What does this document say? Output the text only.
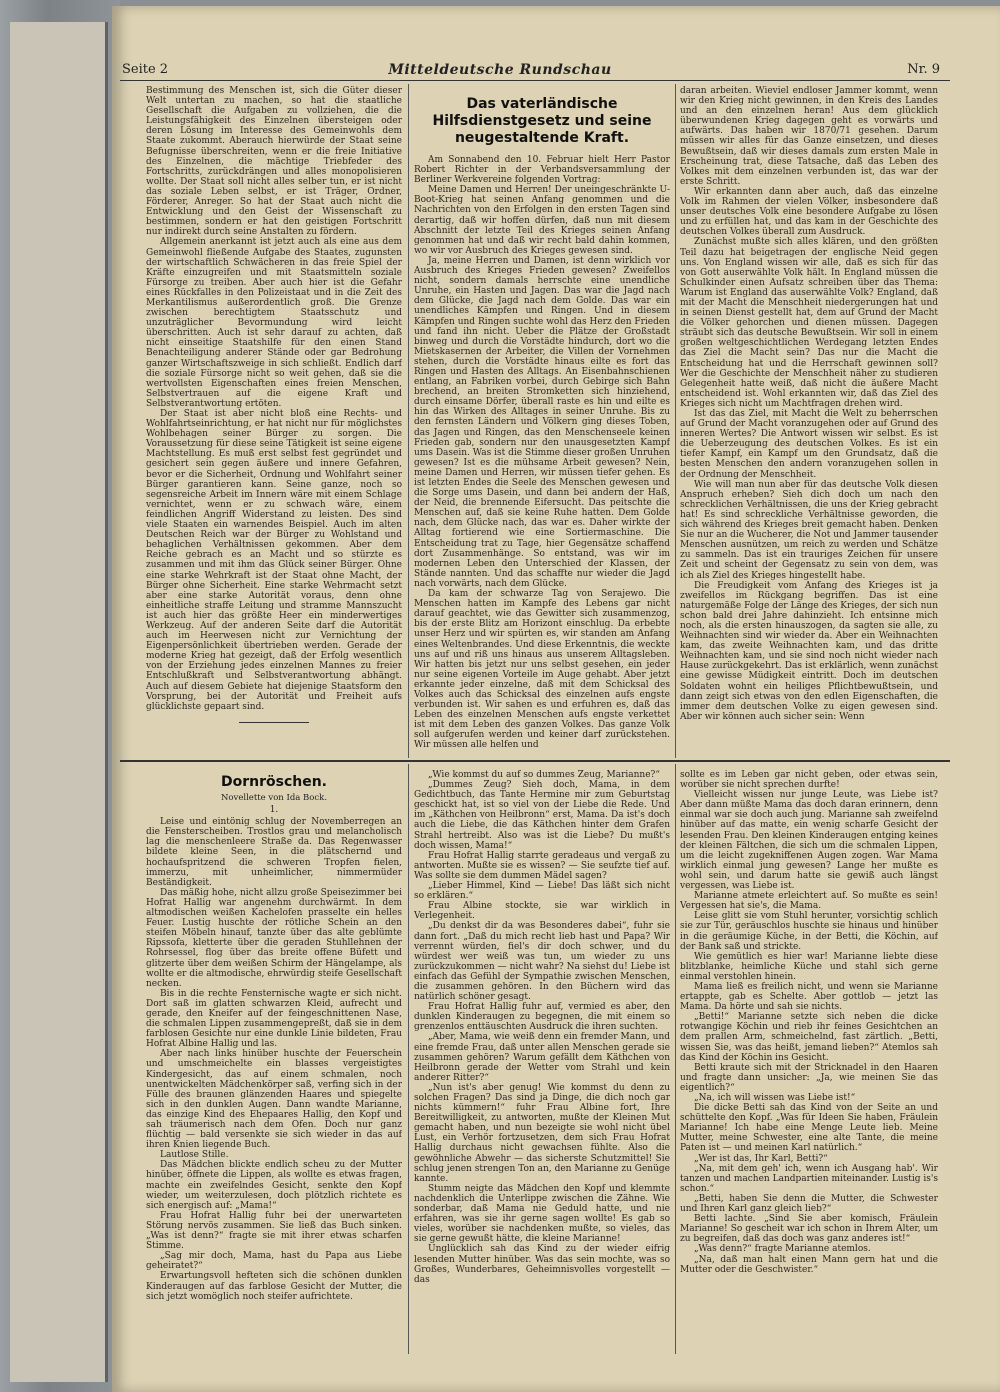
Seite 2	Mitteldeutsche Rundschau	Nr. 9

Bestimmung des Menschen ist, sich die Güter dieser Welt untertan zu machen, so hat die staatliche Gesellschaft die Aufgaben zu vollziehen, die die Leistungsfähigkeit des Einzelnen übersteigen oder deren Lösung im Interesse des Gemeinwohls dem Staate zukommt. Aberauch hierwürde der Staat seine Befugnisse überschreiten, wenn er die freie Initiative des Einzelnen, die mächtige Triebfeder des Fortschritts, zurückdrängen und alles monopolisieren wollte. Der Staat soll nicht alles selber tun, er ist nicht das soziale Leben selbst, er ist Träger, Ordner, Förderer, Anreger. So hat der Staat auch nicht die Entwicklung und den Geist der Wissenschaft zu bestimmen, sondern er hat den geistigen Fortschritt nur indirekt durch seine Anstalten zu fördern.

Allgemein anerkannt ist jetzt auch als eine aus dem Gemeinwohl fließende Aufgabe des Staates, zugunsten der wirtschaftlich Schwächeren in das freie Spiel der Kräfte einzugreifen und mit Staatsmitteln soziale Fürsorge zu treiben. Aber auch hier ist die Gefahr eines Rückfalles in den Polizeistaat und in die Zeit des Merkantilismus außerordentlich groß. Die Grenze zwischen berechtigtem Staatsschutz und unzuträglicher Bevormundung wird leicht überschritten. Auch ist sehr darauf zu achten, daß nicht einseitige Staatshilfe für den einen Stand Benachteiligung anderer Stände oder gar Bedrohung ganzer Wirtschaftszweige in sich schließt. Endlich darf die soziale Fürsorge nicht so weit gehen, daß sie die wertvollsten Eigenschaften eines freien Menschen, Selbstvertrauen auf die eigene Kraft und Selbstverantwortung ertöten.

Der Staat ist aber nicht bloß eine Rechts- und Wohlfahrtseinrichtung, er hat nicht nur für möglichstes Wohlbehagen seiner Bürger zu sorgen. Die Voraussetzung für diese seine Tätigkeit ist seine eigene Machtstellung. Es muß erst selbst fest gegründet und gesichert sein gegen äußere und innere Gefahren, bevor er die Sicherheit, Ordnung und Wohlfahrt seiner Bürger garantieren kann. Seine ganze, noch so segensreiche Arbeit im Innern wäre mit einem Schlage vernichtet, wenn er zu schwach wäre, einem feindlichen Angriff Widerstand zu leisten. Des sind viele Staaten ein warnendes Beispiel. Auch im alten Deutschen Reich war der Bürger zu Wohlstand und behaglichen Verhältnissen gekommen. Aber dem Reiche gebrach es an Macht und so stürzte es zusammen und mit ihm das Glück seiner Bürger. Ohne eine starke Wehrkraft ist der Staat ohne Macht, der Bürger ohne Sicherheit. Eine starke Wehrmacht setzt aber eine starke Autorität voraus, denn ohne einheitliche straffe Leitung und stramme Mannszucht ist auch hier das größte Heer ein minderwertiges Werkzeug. Auf der anderen Seite darf die Autorität auch im Heerwesen nicht zur Vernichtung der Eigenpersönlichkeit übertrieben werden. Gerade der moderne Krieg hat gezeigt, daß der Erfolg wesentlich von der Erziehung jedes einzelnen Mannes zu freier Entschlußkraft und Selbstverantwortung abhängt. Auch auf diesem Gebiete hat diejenige Staatsform den Vorsprung, bei der Autorität und Freiheit aufs glücklichste gepaart sind.

Das vaterländische Hilfsdienstgesetz und seine neugestaltende Kraft.

Am Sonnabend den 10. Februar hielt Herr Pastor Robert Richter in der Verbandsversammlung der Berliner Werkvereine folgenden Vortrag:

Meine Damen und Herren! Der uneingeschränkte U-Boot-Krieg hat seinen Anfang genommen und die Nachrichten von den Erfolgen in den ersten Tagen sind derartig, daß wir hoffen dürfen, daß nun mit diesem Abschnitt der letzte Teil des Krieges seinen Anfang genommen hat und daß wir recht bald dahin kommen, wo wir vor Ausbruch des Krieges gewesen sind.

Ja, meine Herren und Damen, ist denn wirklich vor Ausbruch des Krieges Frieden gewesen? Zweifellos nicht, sondern damals herrschte eine unendliche Unruhe, ein Hasten und Jagen. Das war die Jagd nach dem Glücke, die Jagd nach dem Golde. Das war ein unendliches Kämpfen und Ringen. Und in diesem Kämpfen und Ringen suchte wohl das Herz den Frieden und fand ihn nicht. Ueber die Plätze der Großstadt binweg und durch die Vorstädte hindurch, dort wo die Mietskasernen der Arbeiter, die Villen der Vornehmen stehen, durch die Vorstädte hinaus eilte es fort das Ringen und Hasten des Alltags. An Eisenbahnschienen entlang, an Fabriken vorbei, durch Gebirge sich Bahn brechend, an breiten Stromketten sich hinziehend, durch einsame Dörfer, überall raste es hin und eilte es hin das Wirken des Alltages in seiner Unruhe. Bis zu den fernsten Ländern und Völkern ging dieses Toben, das Jagen und Ringen, das den Menschenseele keinen Frieden gab, sondern nur den unausgesetzten Kampf ums Dasein. Was ist die Stimme dieser großen Unruhen gewesen? Ist es die mühsame Arbeit gewesen? Nein, meine Damen und Herren, wir müssen tiefer gehen. Es ist letzten Endes die Seele des Menschen gewesen und die Sorge ums Dasein, und dann bei andern der Haß, der Neid, die brennende Eifersucht. Das peitschte die Menschen auf, daß sie keine Ruhe hatten. Dem Golde nach, dem Glücke nach, das war es. Daher wirkte der Alltag fortierend wie eine Sortiermaschine. Die Entscheidung trat zu Tage, hier Gegensätze schaffend dort Zusammenhänge. So entstand, was wir im modernen Leben den Unterschied der Klassen, der Stände nannten. Und das schaffte nur wieder die Jagd nach vorwärts, nach dem Glücke.

Da kam der schwarze Tag von Serajewo. Die Menschen hatten im Kampfe des Lebens gar nicht darauf geachtet, wie das Gewitter sich zusammenzog, bis der erste Blitz am Horizont einschlug. Da erbebte unser Herz und wir spürten es, wir standen am Anfang eines Weltenbrandes. Und diese Erkenntnis, die weckte uns auf und riß uns hinaus aus unserem Alltagsleben. Wir hatten bis jetzt nur uns selbst gesehen, ein jeder nur seine eigenen Vorteile im Auge gehabt. Aber jetzt erkannte jeder einzelne, daß mit dem Schicksal des Volkes auch das Schicksal des einzelnen aufs engste verbunden ist. Wir sahen es und erfuhren es, daß das Leben des einzelnen Menschen aufs engste verkettet ist mit dem Leben des ganzen Volkes. Das ganze Volk soll aufgerufen werden und keiner darf zurückstehen. Wir müssen alle helfen und

daran arbeiten. Wieviel endloser Jammer kommt, wenn wir den Krieg nicht gewinnen, in den Kreis des Landes und an den einzelnen heran! Aus dem glücklich überwundenen Krieg dagegen geht es vorwärts und aufwärts. Das haben wir 1870/71 gesehen. Darum müssen wir alles für das Ganze einsetzen, und dieses Bewußtsein, daß wir dieses damals zum ersten Male in Erscheinung trat, diese Tatsache, daß das Leben des Volkes mit dem einzelnen verbunden ist, das war der erste Schritt.

Wir erkannten dann aber auch, daß das einzelne Volk im Rahmen der vielen Völker, insbesondere daß unser deutsches Volk eine besondere Aufgabe zu lösen und zu erfüllen hat, und das kam in der Geschichte des deutschen Volkes überall zum Ausdruck.

Zunächst mußte sich alles klären, und den größten Teil dazu hat beigetragen der englische Neid gegen uns. Von England wissen wir alle, daß es sich für das von Gott auserwählte Volk hält. In England müssen die Schulkinder einen Aufsatz schreiben über das Thema: Warum ist England das auserwählte Volk? England, daß mit der Macht die Menschheit niedergerungen hat und in seinen Dienst gestellt hat, dem auf Grund der Macht die Völker gehorchen und dienen müssen. Dagegen sträubt sich das deutsche Bewußtsein. Wir soll in einem großen weltgeschichtlichen Werdegang letzten Endes das Ziel die Macht sein? Das nur die Macht die Entscheidung hat und die Herrschaft gewinnen soll? Wer die Geschichte der Menschheit näher zu studieren Gelegenheit hatte weiß, daß nicht die äußere Macht entscheidend ist. Wohl erkannten wir, daß das Ziel des Krieges sich nicht um Machtfragen drehen wird.

Ist das das Ziel, mit Macht die Welt zu beherrschen auf Grund der Macht voranzugehen oder auf Grund des inneren Wertes? Die Antwort wissen wir selbst. Es ist die Ueberzeugung des deutschen Volkes. Es ist ein tiefer Kampf, ein Kampf um den Grundsatz, daß die besten Menschen den andern voranzugehen sollen in der Ordnung der Menschheit.

Wie will man nun aber für das deutsche Volk diesen Anspruch erheben? Sieh dich doch um nach den schrecklichen Verhältnissen, die uns der Krieg gebracht hat! Es sind schreckliche Verhältnisse geworden, die sich während des Krieges breit gemacht haben. Denken Sie nur an die Wucherer, die Not und Jammer tausender Menschen ausnützen, um reich zu werden und Schätze zu sammeln. Das ist ein trauriges Zeichen für unsere Zeit und scheint der Gegensatz zu sein von dem, was ich als Ziel des Krieges hingestellt habe.

Die Freudigkeit vom Anfang des Krieges ist ja zweifellos im Rückgang begriffen. Das ist eine naturgemäße Folge der Länge des Krieges, der sich nun schon bald drei Jahre dahinzieht. Ich entsinne mich noch, als die ersten hinauszogen, da sagten sie alle, zu Weihnachten sind wir wieder da. Aber ein Weihnachten kam, das zweite Weihnachten kam, und das dritte Weihnachten kam, und sie sind noch nicht wieder nach Hause zurückgekehrt. Das ist erklärlich, wenn zunächst eine gewisse Müdigkeit eintritt. Doch im deutschen Soldaten wohnt ein heiliges Pflichtbewußtsein, und dann zeigt sich etwas von den edlen Eigenschaften, die immer dem deutschen Volke zu eigen gewesen sind. Aber wir können auch sicher sein: Wenn

Dornröschen.
Novellette von Ida Bock.
1.

Leise und eintönig schlug der Novemberregen an die Fensterscheiben. Trostlos grau und melancholisch lag die menschenleere Straße da. Das Regenwasser bildete kleine Seen, in die plätschernd und hochaufspritzend die schweren Tropfen fielen, immerzu, mit unheimlicher, nimmermüder Beständigkeit.

Das mäßig hohe, nicht allzu große Speisezimmer bei Hofrat Hallig war angenehm durchwärmt. In dem altmodischen weißen Kachelofen prasselte ein helles Feuer. Lustig huschte der rötliche Schein an den steifen Möbeln hinauf, tanzte über das alte geblümte Ripssofa, kletterte über die geraden Stuhllehnen der Rohrsessel, flog über das breite offene Büfett und glitzerte über dem weißen Schirm der Hängelampe, als wollte er die altmodische, ehrwürdig steife Gesellschaft necken.

Bis in die rechte Fensternische wagte er sich nicht. Dort saß im glatten schwarzen Kleid, aufrecht und gerade, den Kneifer auf der feingeschnittenen Nase, die schmalen Lippen zusammengepreßt, daß sie in dem farblosen Gesichte nur eine dunkle Linie bildeten, Frau Hofrat Albine Hallig und las.

Aber nach links hinüber huschte der Feuerschein und umschmeichelte ein blasses vergeistigtes Kindergesicht, das auf einem schmalen, noch unentwickelten Mädchenkörper saß, verfing sich in der Fülle des braunen glänzenden Haares und spiegelte sich in den dunklen Augen. Dann wandte Marianne, das einzige Kind des Ehepaares Hallig, den Kopf und sah träumerisch nach dem Ofen. Doch nur ganz flüchtig — bald versenkte sie sich wieder in das auf ihren Knien liegende Buch.

Lautlose Stille.

Das Mädchen blickte endlich scheu zu der Mutter hinüber, öffnete die Lippen, als wollte es etwas fragen, machte ein zweifelndes Gesicht, senkte den Kopf wieder, um weiterzulesen, doch plötzlich richtete es sich energisch auf: „Mama!“

Frau Hofrat Hallig fuhr bei der unerwarteten Störung nervös zusammen. Sie ließ das Buch sinken. „Was ist denn?“ fragte sie mit ihrer etwas scharfen Stimme.

„Sag mir doch, Mama, hast du Papa aus Liebe geheiratet?“

Erwartungsvoll hefteten sich die schönen dunklen Kinderaugen auf das farblose Gesicht der Mutter, die sich jetzt womöglich noch steifer aufrichtete.

„Wie kommst du auf so dummes Zeug, Marianne?“

„Dummes Zeug? Sieh doch, Mama, in dem Gedichtbuch, das Tante Hermine mir zum Geburtstag geschickt hat, ist so viel von der Liebe die Rede. Und im „Käthchen von Heilbronn“ erst, Mama. Da ist's doch auch die Liebe, die das Käthchen hinter dem Grafen Strahl hertreibt. Also was ist die Liebe? Du mußt's doch wissen, Mama!“

Frau Hofrat Hallig starrte geradeaus und vergaß zu antworten. Mußte sie es wissen? — Sie seufzte tief auf. Was sollte sie dem dummen Mädel sagen?

„Lieber Himmel, Kind — Liebe! Das läßt sich nicht so erklären.“

Frau Albine stockte, sie war wirklich in Verlegenheit.

„Du denkst dir da was Besonderes dabei“, fuhr sie dann fort. „Daß du mich recht lieb hast und Papa? Wir verrennt würden, fiel's dir doch schwer, und du würdest wer weiß was tun, um wieder zu uns zurückzukommen — nicht wahr? Na siehst du! Liebe ist einfach das Gefühl der Sympathie zwischen Menschen, die zusammen gehören. In den Büchern wird das natürlich schöner gesagt.

Frau Hofrat Hallig fuhr auf, vermied es aber, den dunklen Kinderaugen zu begegnen, die mit einem so grenzenlos enttäuschten Ausdruck die ihren suchten.

„Aber, Mama, wie weiß denn ein fremder Mann, und eine fremde Frau, daß unter allen Menschen gerade sie zusammen gehören? Warum gefällt dem Käthchen von Heilbronn gerade der Wetter vom Strahl und kein anderer Ritter?“

„Nun ist's aber genug! Wie kommst du denn zu solchen Fragen? Das sind ja Dinge, die dich noch gar nichts kümmern!“ fuhr Frau Albine fort, Ihre Bereitwilligkeit, zu antworten, mußte der Kleinen Mut gemacht haben, und nun bezeigte sie wohl nicht übel Lust, ein Verhör fortzusetzen, dem sich Frau Hofrat Hallig durchaus nicht gewachsen fühlte. Also die gewöhnliche Abwehr — das sicherste Schutzmittel! Sie schlug jenen strengen Ton an, den Marianne zu Genüge kannte.

Stumm neigte das Mädchen den Kopf und klemmte nachdenklich die Unterlippe zwischen die Zähne. Wie sonderbar, daß Mama nie Geduld hatte, und nie erfahren, was sie ihr gerne sagen wollte! Es gab so vieles, worüber sie nachdenken mußte, so vieles, das sie gerne gewußt hätte, die kleine Marianne!

Unglücklich sah das Kind zu der wieder eifrig lesenden Mutter hinüber. Was das sein mochte, was so Großes, Wunderbares, Geheimnisvolles vorgestellt — das

sollte es im Leben gar nicht geben, oder etwas sein, worüber sie nicht sprechen durfte!

Vielleicht wissen nur junge Leute, was Liebe ist? Aber dann müßte Mama das doch daran erinnern, denn einmal war sie doch auch jung. Marianne sah zweifelnd hinüber auf das matte, ein wenig scharfe Gesicht der lesenden Frau. Den kleinen Kinderaugen entging keines der kleinen Fältchen, die sich um die schmalen Lippen, um die leicht zugekniffenen Augen zogen. War Mama wirklich einmal jung gewesen? Lange her mußte es wohl sein, und darum hatte sie gewiß auch längst vergessen, was Liebe ist.

Marianne atmete erleichtert auf. So mußte es sein! Vergessen hat sie's, die Mama.

Leise glitt sie vom Stuhl herunter, vorsichtig schlich sie zur Tür, geräuschlos huschte sie hinaus und hinüber in die geräumige Küche, in der Betti, die Köchin, auf der Bank saß und strickte.

Wie gemütlich es hier war! Marianne liebte diese blitzblanke, heimliche Küche und stahl sich gerne einmal verstohlen hinein.

Mama ließ es freilich nicht, und wenn sie Marianne ertappte, gab es Schelte. Aber gottlob — jetzt las Mama. Da hörte und sah sie nichts.

„Betti!“ Marianne setzte sich neben die dicke rotwangige Köchin und rieb ihr feines Gesichtchen an dem prallen Arm, schmeichelnd, fast zärtlich. „Betti, wissen Sie, was das heißt, jemand lieben?“ Atemlos sah das Kind der Köchin ins Gesicht.

Betti kraute sich mit der Stricknadel in den Haaren und fragte dann unsicher: „Ja, wie meinen Sie das eigentlich?“

„Na, ich will wissen was Liebe ist!“

Die dicke Betti sah das Kind von der Seite an und schüttelte den Kopf. „Was für Ideen Sie haben, Fräulein Marianne! Ich habe eine Menge Leute lieb. Meine Mutter, meine Schwester, eine alte Tante, die meine Paten ist — und meinen Karl natürlich.“

„Wer ist das, Ihr Karl, Betti?“

„Na, mit dem geh' ich, wenn ich Ausgang hab'. Wir tanzen und machen Landpartien miteinander. Lustig is's schon.“

„Betti, haben Sie denn die Mutter, die Schwester und Ihren Karl ganz gleich lieb?“

Betti lachte. „Sind Sie aber komisch, Fräulein Marianne! So gescheit war ich schon in Ihrem Alter, um zu begreifen, daß das doch was ganz anderes ist!“

„Was denn?“ fragte Marianne atemlos.

„Na, daß man halt einen Mann gern hat und die Mutter oder die Geschwister.“
